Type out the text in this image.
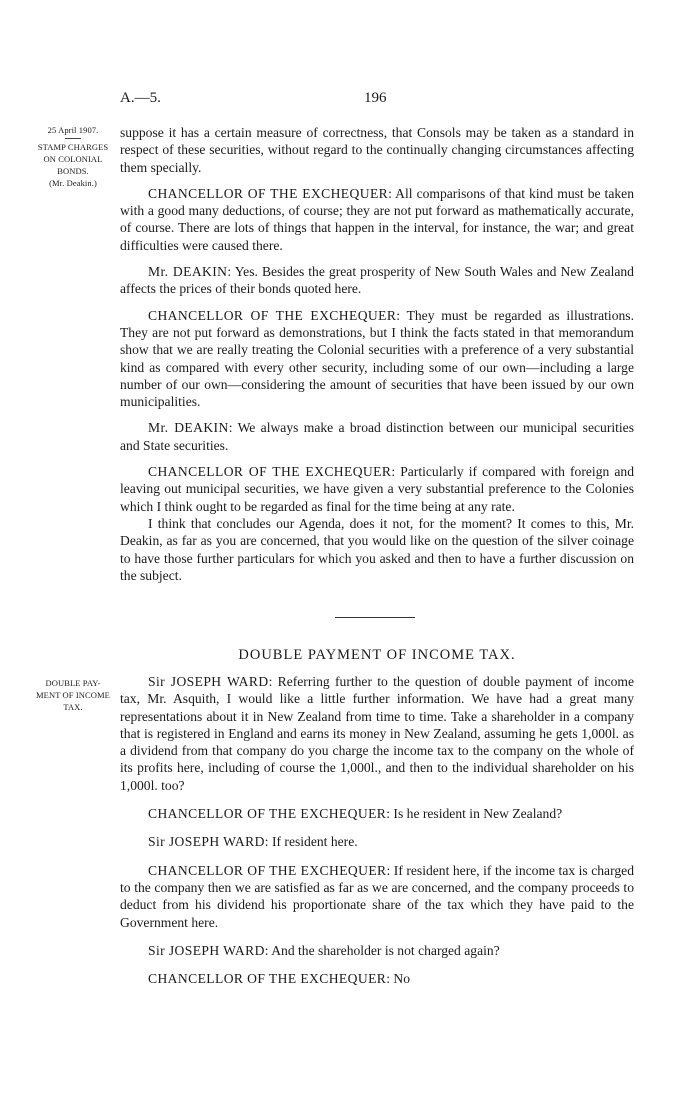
A.—5.	196
25 April 1907.
STAMP CHARGES
ON COLONIAL
BONDS.
(Mr. Deakin.)

suppose it has a certain measure of correctness, that Consols may be taken as a standard in respect of these securities, without regard to the continually changing circumstances affecting them specially.

CHANCELLOR OF THE EXCHEQUER: All comparisons of that kind must be taken with a good many deductions, of course; they are not put forward as mathematically accurate, of course. There are lots of things that happen in the interval, for instance, the war; and great difficulties were caused there.

Mr. DEAKIN: Yes. Besides the great prosperity of New South Wales and New Zealand affects the prices of their bonds quoted here.

CHANCELLOR OF THE EXCHEQUER: They must be regarded as illustrations. They are not put forward as demonstrations, but I think the facts stated in that memorandum show that we are really treating the Colonial securities with a preference of a very substantial kind as compared with every other security, including some of our own—including a large number of our own—considering the amount of securities that have been issued by our own municipalities.

Mr. DEAKIN: We always make a broad distinction between our municipal securities and State securities.

CHANCELLOR OF THE EXCHEQUER: Particularly if compared with foreign and leaving out municipal securities, we have given a very substantial preference to the Colonies which I think ought to be regarded as final for the time being at any rate.

I think that concludes our Agenda, does it not, for the moment? It comes to this, Mr. Deakin, as far as you are concerned, that you would like on the question of the silver coinage to have those further particulars for which you asked and then to have a further discussion on the subject.

DOUBLE PAYMENT OF INCOME TAX.
DOUBLE PAY-
MENT OF INCOME
TAX.

Sir JOSEPH WARD: Referring further to the question of double payment of income tax, Mr. Asquith, I would like a little further information. We have had a great many representations about it in New Zealand from time to time. Take a shareholder in a company that is registered in England and earns its money in New Zealand, assuming he gets 1,000l. as a dividend from that company do you charge the income tax to the company on the whole of its profits here, including of course the 1,000l., and then to the individual shareholder on his 1,000l. too?

CHANCELLOR OF THE EXCHEQUER: Is he resident in New Zealand?

Sir JOSEPH WARD: If resident here.

CHANCELLOR OF THE EXCHEQUER: If resident here, if the income tax is charged to the company then we are satisfied as far as we are concerned, and the company proceeds to deduct from his dividend his proportionate share of the tax which they have paid to the Government here.

Sir JOSEPH WARD: And the shareholder is not charged again?

CHANCELLOR OF THE EXCHEQUER: No
